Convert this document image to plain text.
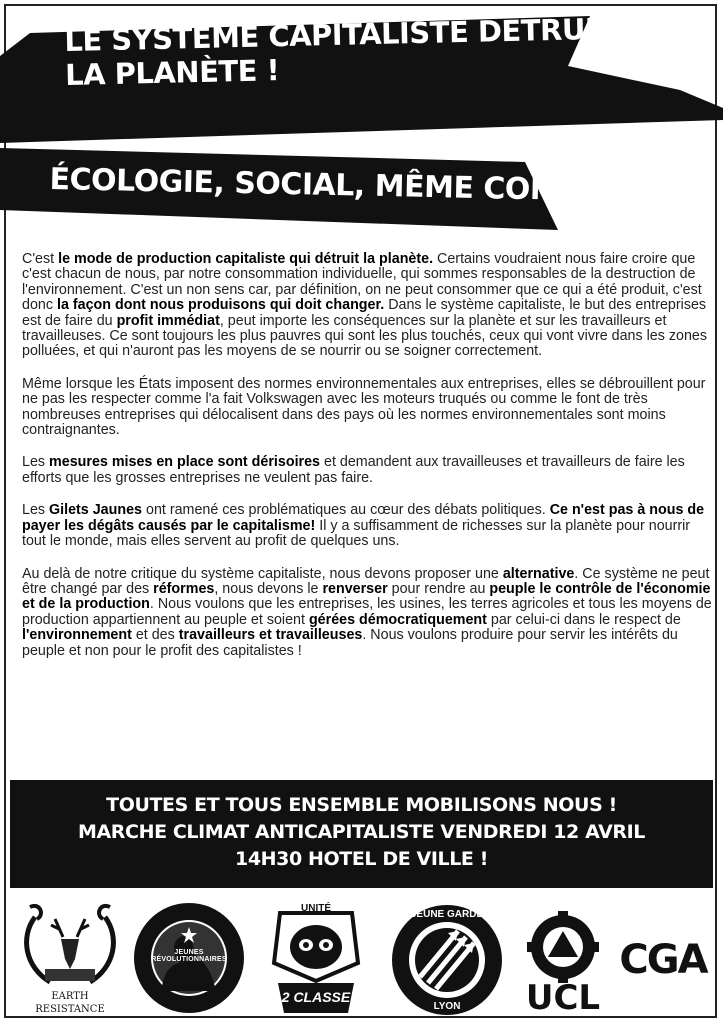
LE SYSTÈME CAPITALISTE DÉTRUIT LA PLANÈTE !
ÉCOLOGIE, SOCIAL, MÊME COMBAT

C'est le mode de production capitaliste qui détruit la planète. Certains voudraient nous faire croire que c'est chacun de nous, par notre consommation individuelle, qui sommes responsables de la destruction de l'environnement. C'est un non sens car, par définition, on ne peut consommer que ce qui a été produit, c'est donc la façon dont nous produisons qui doit changer. Dans le système capitaliste, le but des entreprises est de faire du profit immédiat, peut importe les conséquences sur la planète et sur les travailleurs et travailleuses. Ce sont toujours les plus pauvres qui sont les plus touchés, ceux qui vont vivre dans les zones polluées, et qui n'auront pas les moyens de se nourrir ou se soigner correctement.

Même lorsque les États imposent des normes environnementales aux entreprises, elles se débrouillent pour ne pas les respecter comme l'a fait Volkswagen avec les moteurs truqués ou comme le font de très nombreuses entreprises qui délocalisent dans des pays où les normes environnementales sont moins contraignantes.

Les mesures mises en place sont dérisoires et demandent aux travailleuses et travailleurs de faire les efforts que les grosses entreprises ne veulent pas faire.

Les Gilets Jaunes ont ramené ces problématiques au cœur des débats politiques. Ce n'est pas à nous de payer les dégâts causés par le capitalisme! Il y a suffisamment de richesses sur la planète pour nourrir tout le monde, mais elles servent au profit de quelques uns.

Au delà de notre critique du système capitaliste, nous devons proposer une alternative. Ce système ne peut être changé par des réformes, nous devons le renverser pour rendre au peuple le contrôle de l'économie et de la production. Nous voulons que les entreprises, les usines, les terres agricoles et tous les moyens de production appartiennent au peuple et soient gérées démocratiquement par celui-ci dans le respect de l'environnement et des travailleurs et travailleuses. Nous voulons produire pour servir les intérêts du peuple et non pour le profit des capitalistes !

TOUTES ET TOUS ENSEMBLE MOBILISONS NOUS !
MARCHE CLIMAT ANTICAPITALISTE VENDREDI 12 AVRIL
14H30 HOTEL DE VILLE !
EARTH
RESISTANCE
JEUNES RÉVOLUTIONNAIRES
UNITÉ
2 CLASSE
JEUNE GARDE
LYON	UCL
CGA
